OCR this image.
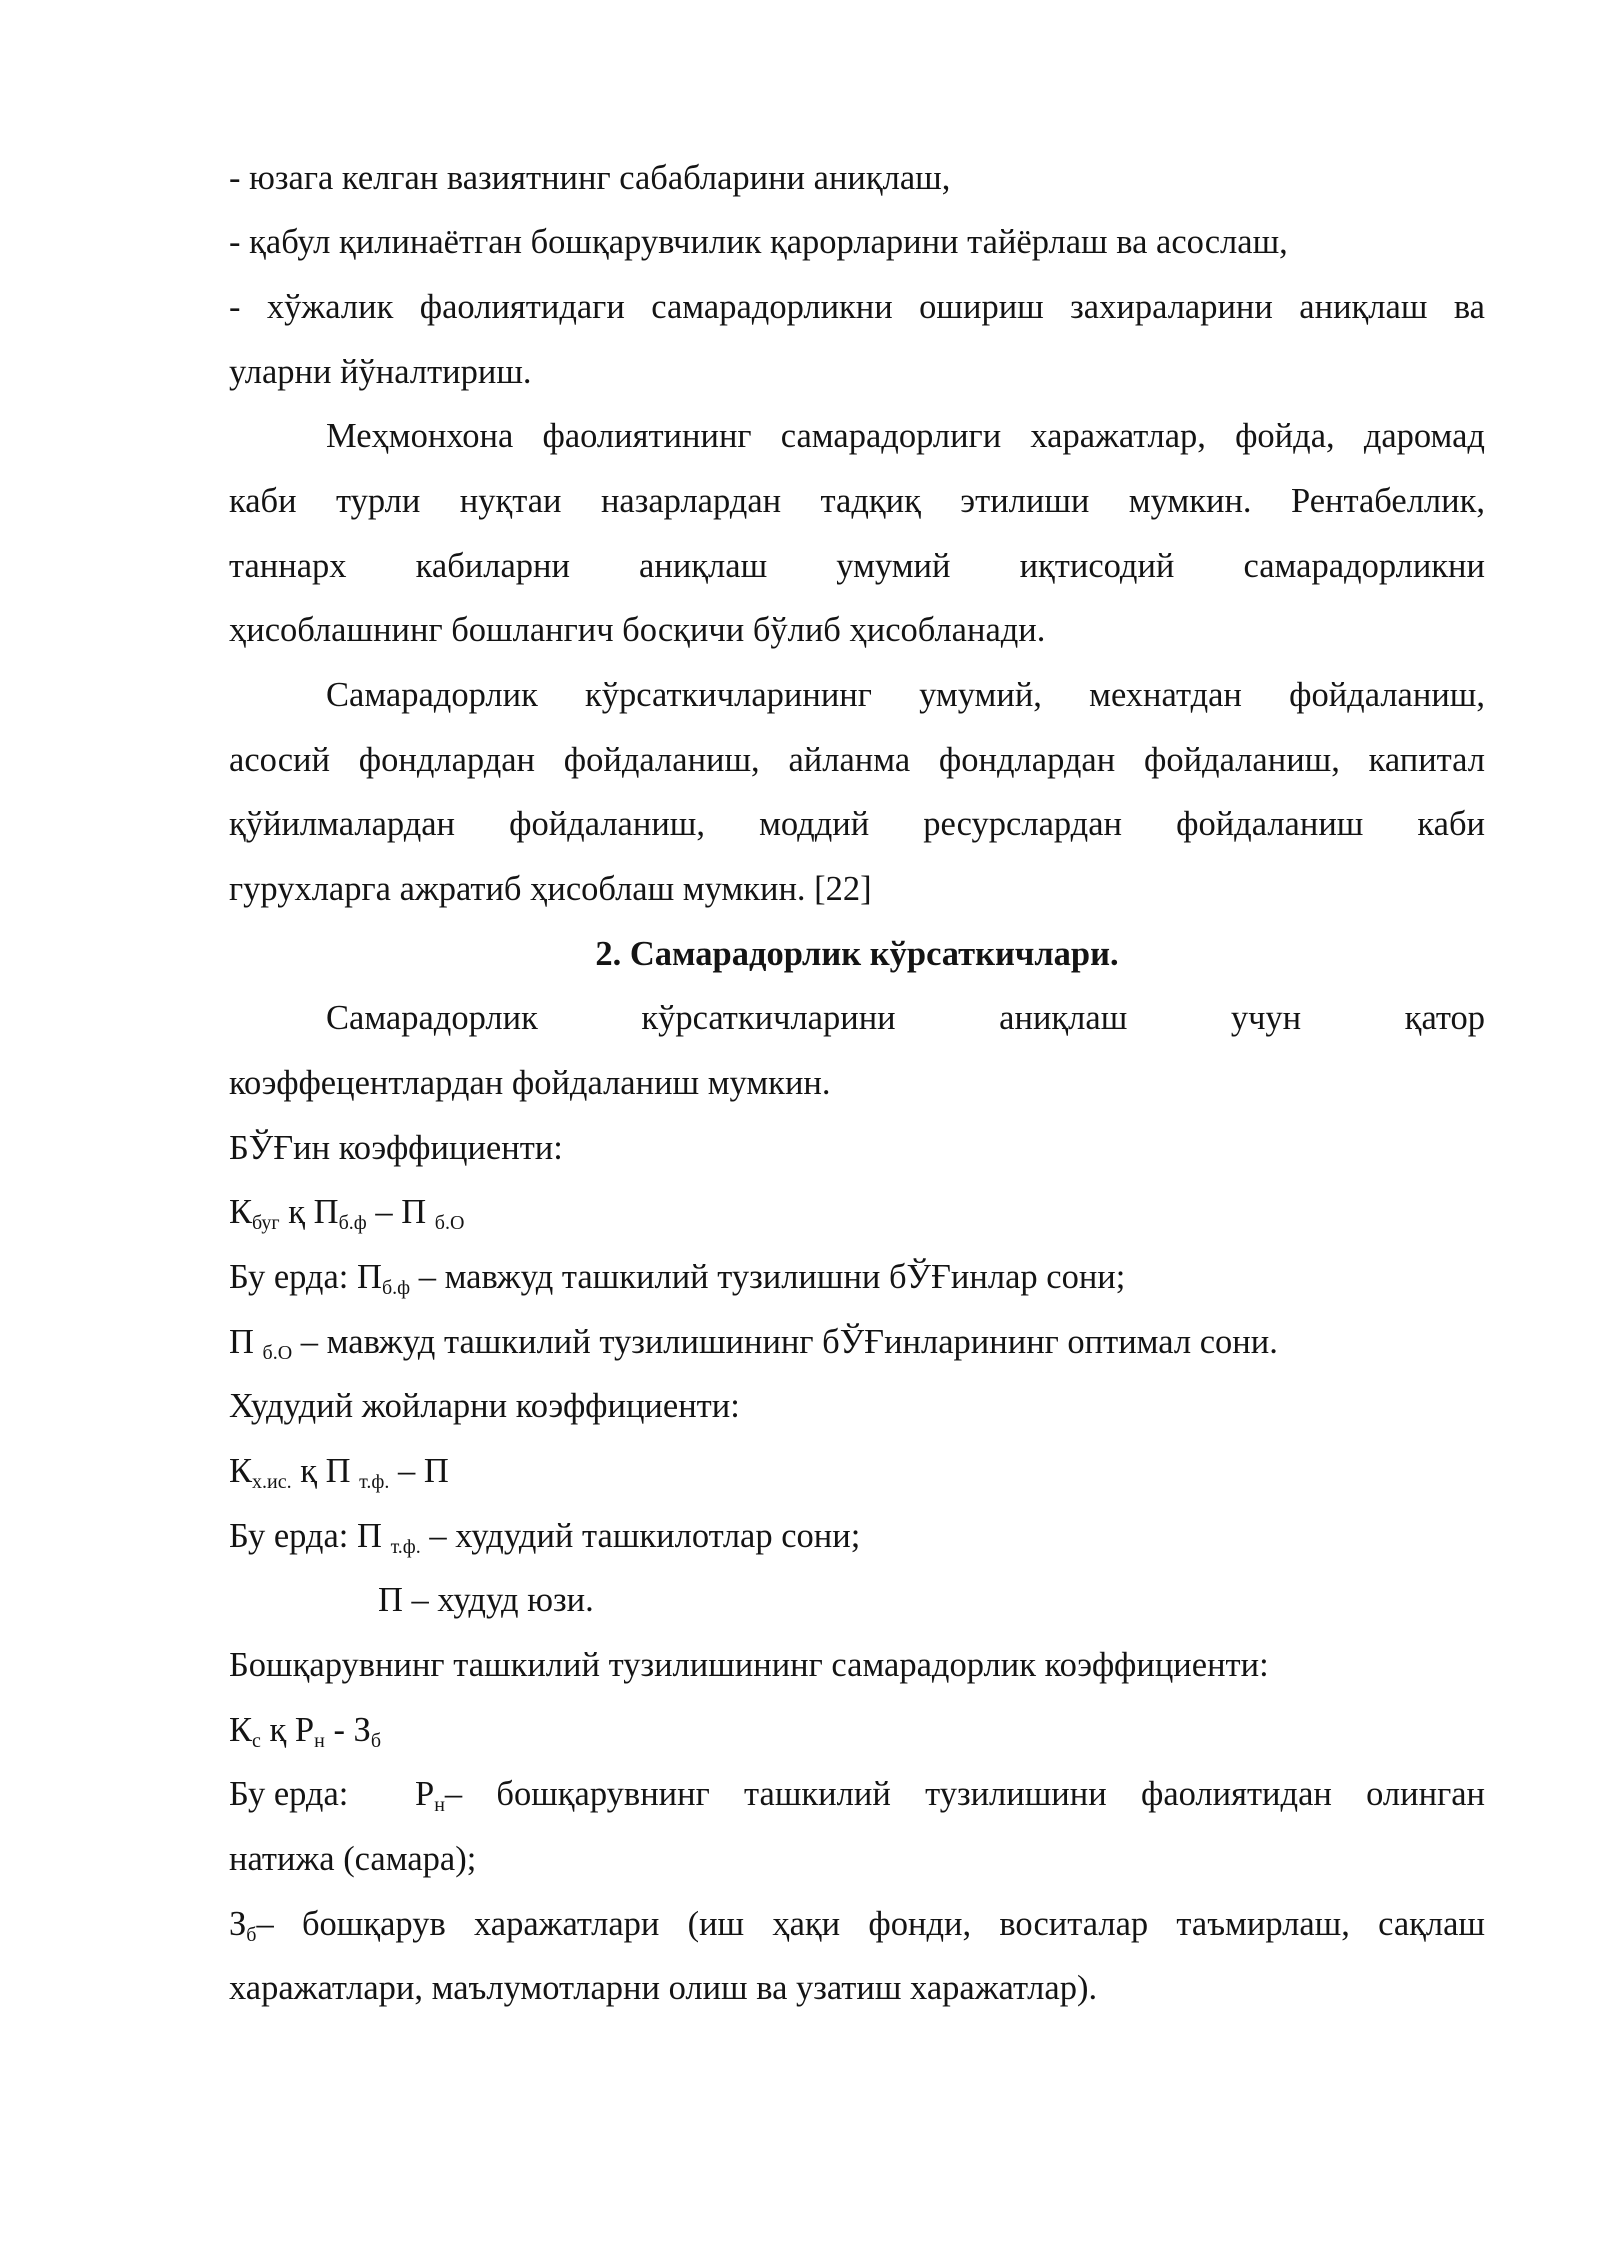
- юзага келган вазиятнинг сабабларини аниқлаш,
- қабул қилинаётган бошқарувчилик қарорларини тайёрлаш ва асослаш,
- хўжалик фаолиятидаги самарадорликни ошириш захираларини аниқлаш ва
уларни йўналтириш.
Меҳмонхона фаолиятининг самарадорлиги харажатлар, фойда, даромад
каби турли нуқтаи назарлардан тадқиқ этилиши мумкин. Рентабеллик,
таннарх кабиларни аниқлаш умумий иқтисодий самарадорликни
ҳисоблашнинг бошлангич босқичи бўлиб ҳисобланади.
Самарадорлик кўрсаткичларининг умумий, мехнатдан фойдаланиш,
асосий фондлардан фойдаланиш, айланма фондлардан фойдаланиш, капитал
қўйилмалардан фойдаланиш, моддий ресурслардан фойдаланиш каби
гурухларга ажратиб ҳисоблаш мумкин. [22]
2. Самарадорлик кўрсаткичлари.
Самарадорлик кўрсаткичларини аниқлаш учун қатор
коэффецентлардан фойдаланиш мумкин.
БЎҒин коэффициенти:
$К_{буг}$ қ $П_{б.ф}$ – П $_{б.О}$
Бу ерда: $П_{б.ф}$ – мавжуд ташкилий тузилишни бЎҒинлар сони;
П $_{б.О}$ – мавжуд ташкилий тузилишининг бЎҒинларининг оптимал сони.
Худудий жойларни коэффициенти:
$К_{х.ис.}$ қ П $_{т.ф.}$ – П
Бу ерда: П $_{т.ф.}$ – худудий ташкилотлар сони;
П – худуд юзи.
Бошқарувнинг ташкилий тузилишининг самарадорлик коэффициенти:
$К_с$ қ $Р_н - З_б$
Бу ерда:	$Р_н-$ бошқарувнинг ташкилий тузилишини фаолиятидан олинган
натижа (самара);
$З_б-$ бошқарув харажатлари (иш ҳақи фонди, воситалар таъмирлаш, сақлаш
харажатлари, маълумотларни олиш ва узатиш харажатлар).
